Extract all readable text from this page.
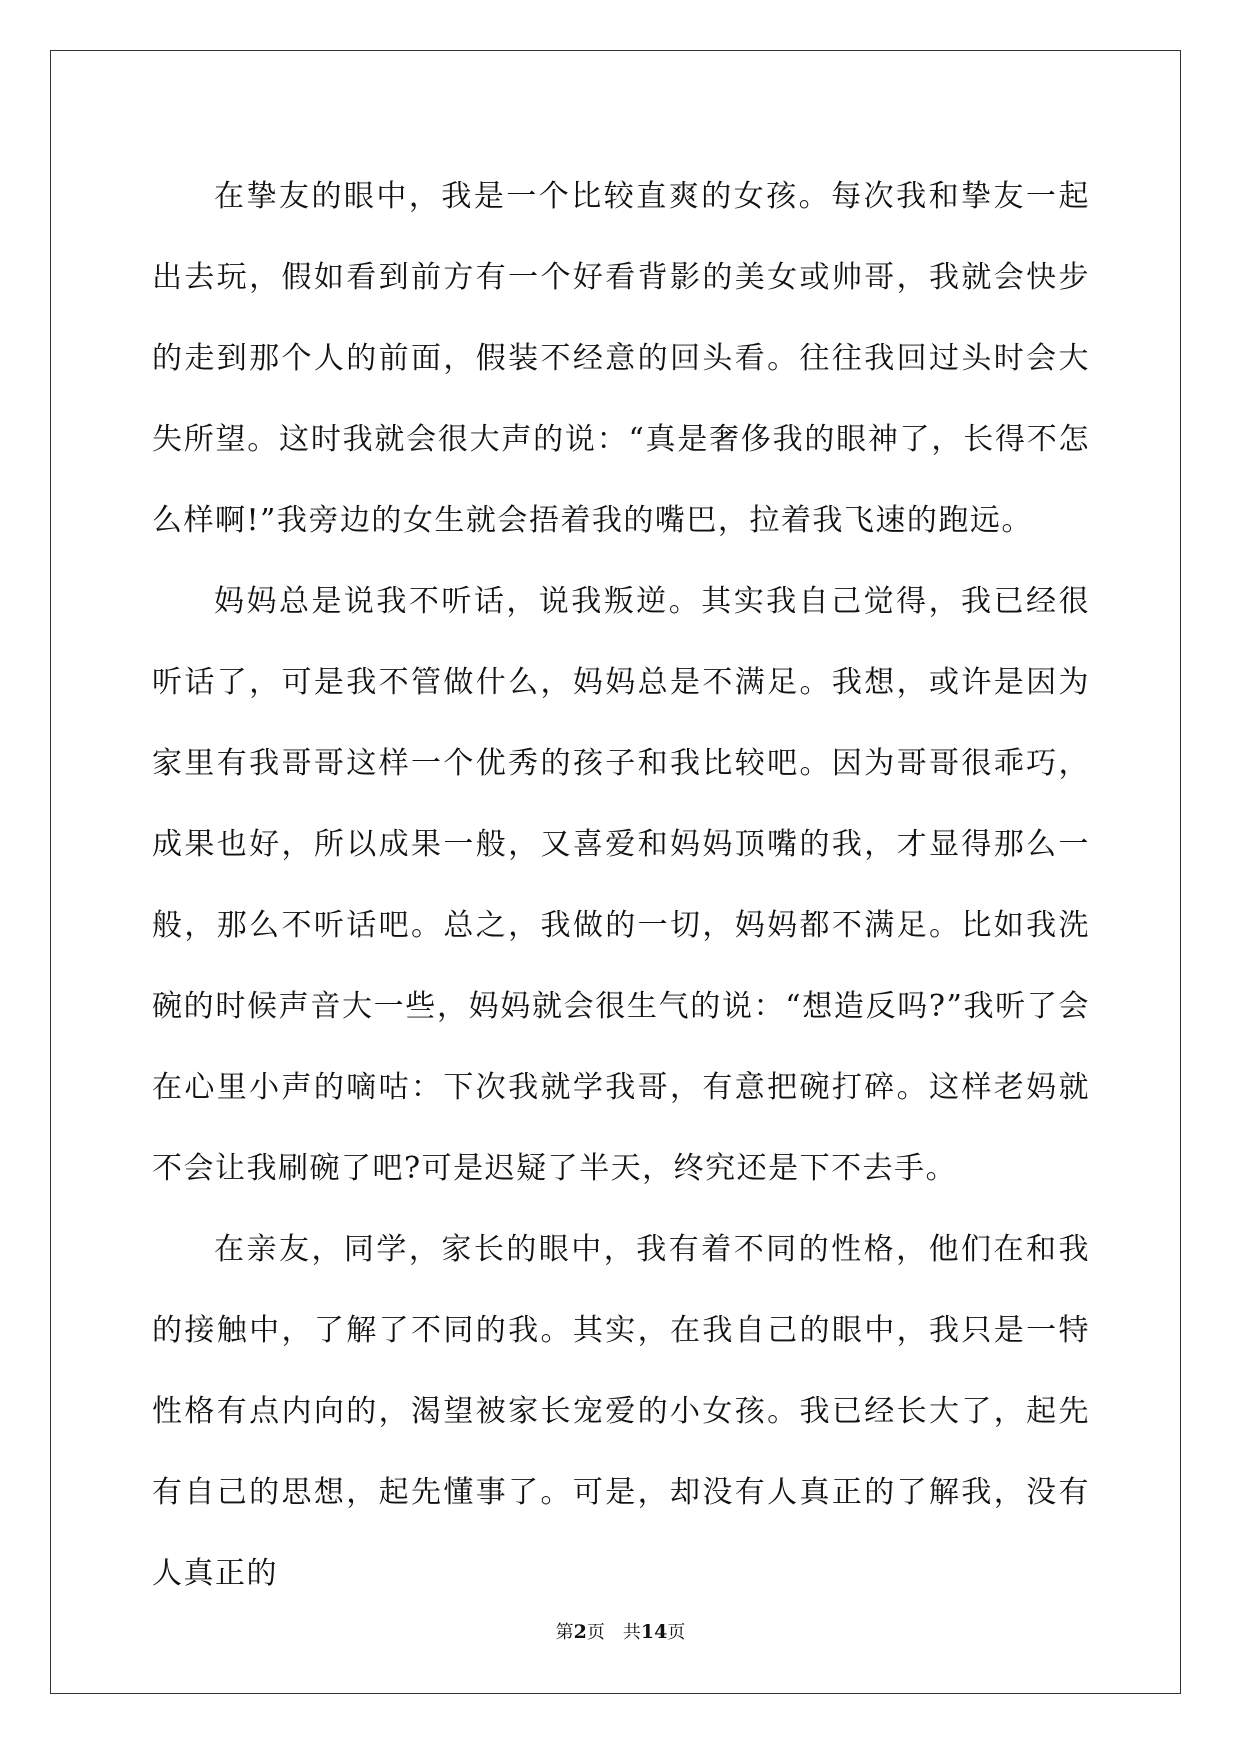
在挚友的眼中，我是一个比较直爽的女孩。每次我和挚友一起出去玩，假如看到前方有一个好看背影的美女或帅哥，我就会快步的走到那个人的前面，假装不经意的回头看。往往我回过头时会大失所望。这时我就会很大声的说：“真是奢侈我的眼神了，长得不怎么样啊!”我旁边的女生就会捂着我的嘴巴，拉着我飞速的跑远。

妈妈总是说我不听话，说我叛逆。其实我自己觉得，我已经很听话了，可是我不管做什么，妈妈总是不满足。我想，或许是因为家里有我哥哥这样一个优秀的孩子和我比较吧。因为哥哥很乖巧，成果也好，所以成果一般，又喜爱和妈妈顶嘴的我，才显得那么一般，那么不听话吧。总之，我做的一切，妈妈都不满足。比如我洗碗的时候声音大一些，妈妈就会很生气的说：“想造反吗?”我听了会在心里小声的嘀咕：下次我就学我哥，有意把碗打碎。这样老妈就不会让我刷碗了吧?可是迟疑了半天，终究还是下不去手。

在亲友，同学，家长的眼中，我有着不同的性格，他们在和我的接触中，了解了不同的我。其实，在我自己的眼中，我只是一特性格有点内向的，渴望被家长宠爱的小女孩。我已经长大了，起先有自己的思想，起先懂事了。可是，却没有人真正的了解我，没有人真正的

第2页 共14页
